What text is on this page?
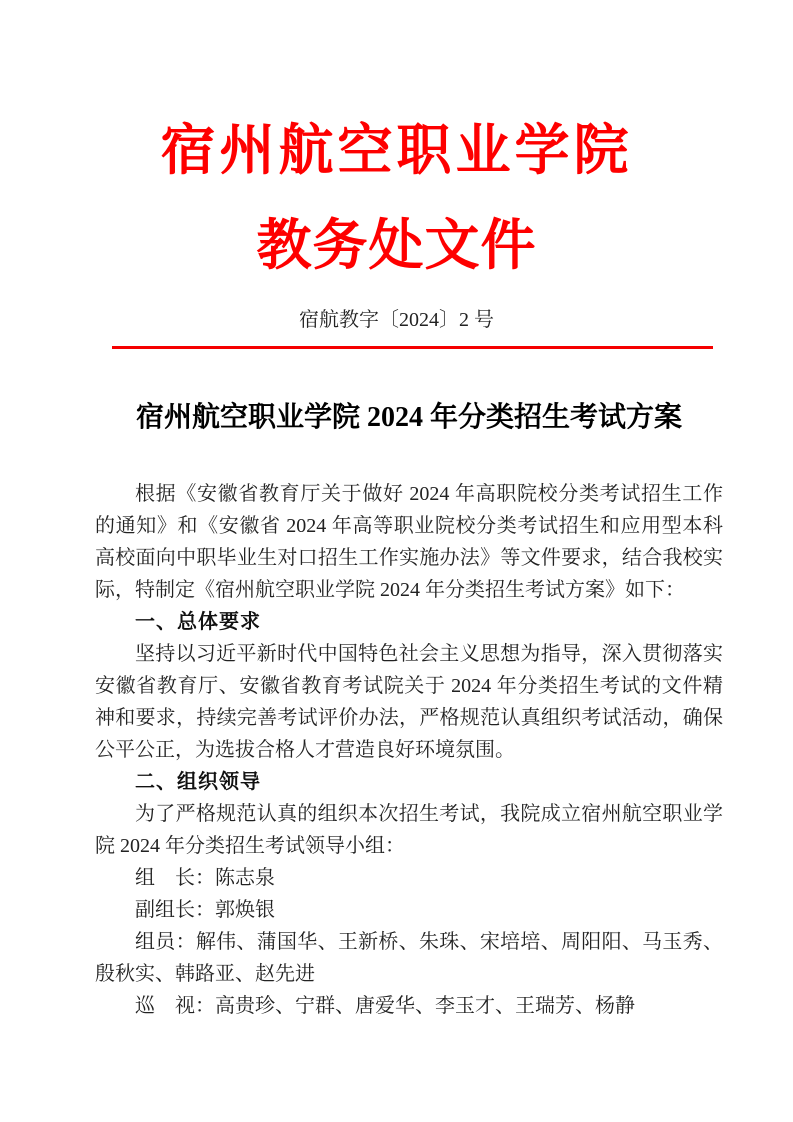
宿州航空职业学院
教务处文件
宿航教字〔2024〕2 号
宿州航空职业学院 2024 年分类招生考试方案

根据《安徽省教育厅关于做好 2024 年高职院校分类考试招生工作的通知》和《安徽省 2024 年高等职业院校分类考试招生和应用型本科高校面向中职毕业生对口招生工作实施办法》等文件要求，结合我校实际，特制定《宿州航空职业学院 2024 年分类招生考试方案》如下：

一、总体要求

坚持以习近平新时代中国特色社会主义思想为指导，深入贯彻落实安徽省教育厅、安徽省教育考试院关于 2024 年分类招生考试的文件精神和要求，持续完善考试评价办法，严格规范认真组织考试活动，确保公平公正，为选拔合格人才营造良好环境氛围。

二、组织领导

为了严格规范认真的组织本次招生考试，我院成立宿州航空职业学院 2024 年分类招生考试领导小组：

组　长：陈志泉

副组长：郭焕银

组员：解伟、蒲国华、王新桥、朱珠、宋培培、周阳阳、马玉秀、殷秋实、韩路亚、赵先进

巡　视：高贵珍、宁群、唐爱华、李玉才、王瑞芳、杨静
